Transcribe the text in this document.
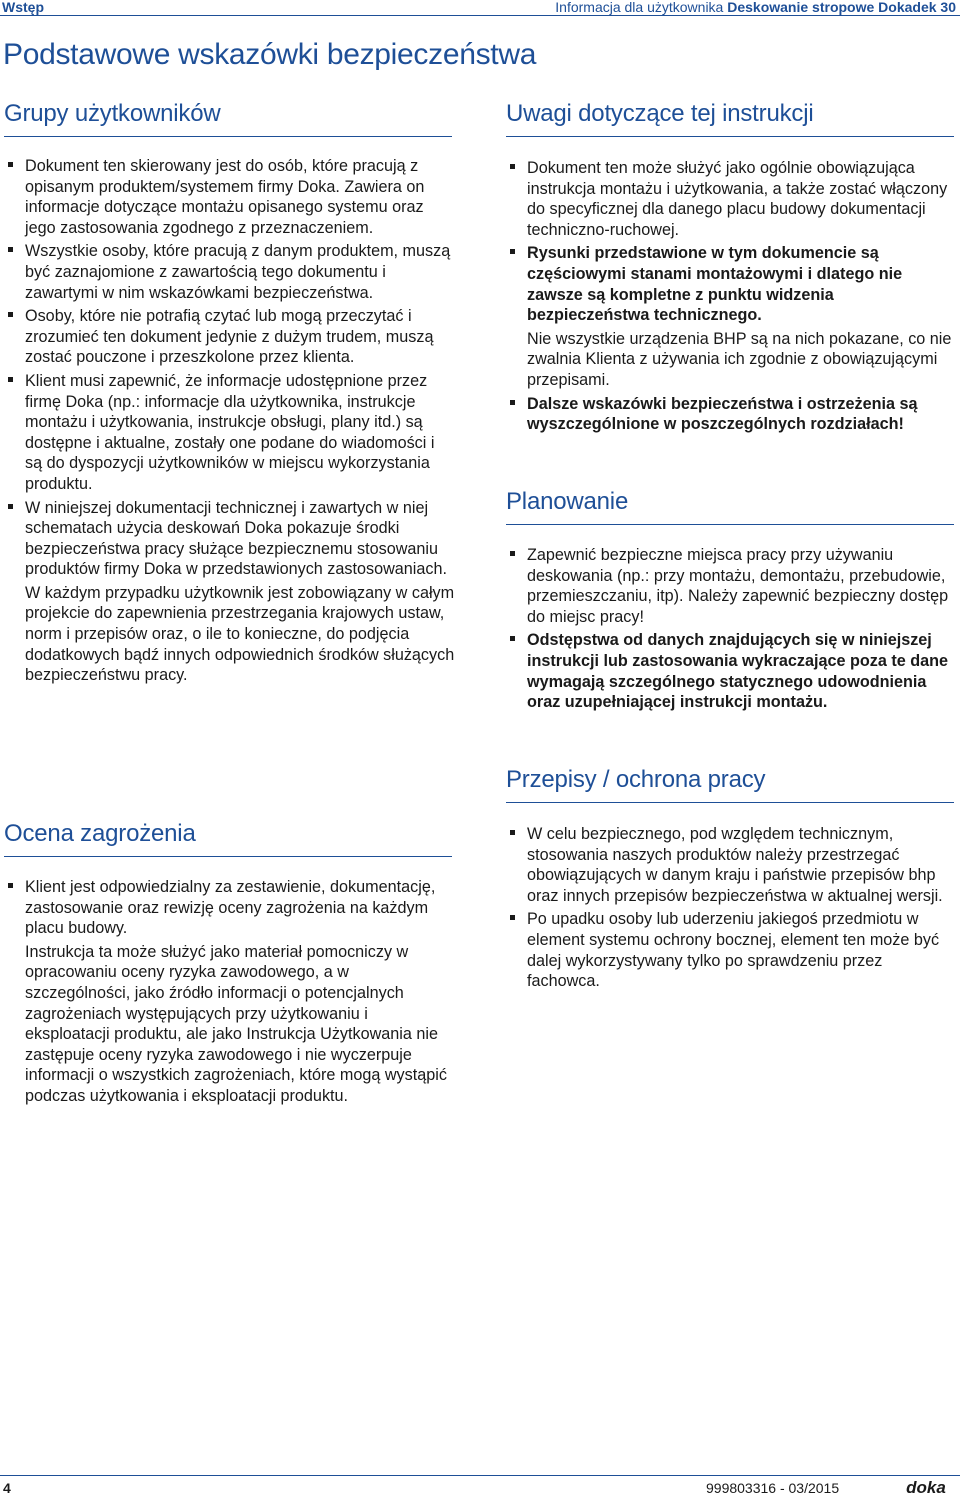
Wstęp	Informacja dla użytkownika Deskowanie stropowe Dokadek 30
Podstawowe wskazówki bezpieczeństwa
Grupy użytkowników

Dokument ten skierowany jest do osób, które pracują z opisanym produktem/systemem firmy Doka. Zawiera on informacje dotyczące montażu opisanego systemu oraz jego zastosowania zgodnego z przeznaczeniem.

Wszystkie osoby, które pracują z danym produktem, muszą być zaznajomione z zawartością tego dokumentu i zawartymi w nim wskazówkami bezpieczeństwa.

Osoby, które nie potrafią czytać lub mogą przeczytać i zrozumieć ten dokument jedynie z dużym trudem, muszą zostać pouczone i przeszkolone przez klienta.

Klient musi zapewnić, że informacje udostępnione przez firmę Doka (np.: informacje dla użytkownika, instrukcje montażu i użytkowania, instrukcje obsługi, plany itd.) są dostępne i aktualne, zostały one podane do wiadomości i są do dyspozycji użytkowników w miejscu wykorzystania produktu.

W niniejszej dokumentacji technicznej i zawartych w niej schematach użycia deskowań Doka pokazuje środki bezpieczeństwa pracy służące bezpiecznemu stosowaniu produktów firmy Doka w przedstawionych zastosowaniach.

W każdym przypadku użytkownik jest zobowiązany w całym projekcie do zapewnienia przestrzegania krajowych ustaw, norm i przepisów oraz, o ile to konieczne, do podjęcia dodatkowych bądź innych odpowiednich środków służących bezpieczeństwu pracy.

Ocena zagrożenia

Klient jest odpowiedzialny za zestawienie, dokumentację, zastosowanie oraz rewizję oceny zagrożenia na każdym placu budowy.

Instrukcja ta może służyć jako materiał pomocniczy w opracowaniu oceny ryzyka zawodowego, a w szczególności, jako źródło informacji o potencjalnych zagrożeniach występujących przy użytkowaniu i eksploatacji produktu, ale jako Instrukcja Użytkowania nie zastępuje oceny ryzyka zawodowego i nie wyczerpuje informacji o wszystkich zagrożeniach, które mogą wystąpić podczas użytkowania i eksploatacji produktu.

Uwagi dotyczące tej instrukcji

Dokument ten może służyć jako ogólnie obowiązująca instrukcja montażu i użytkowania, a także zostać włączony do specyficznej dla danego placu budowy dokumentacji techniczno-ruchowej.

Rysunki przedstawione w tym dokumencie są częściowymi stanami montażowymi i dlatego nie zawsze są kompletne z punktu widzenia bezpieczeństwa technicznego.

Nie wszystkie urządzenia BHP są na nich pokazane, co nie zwalnia Klienta z używania ich zgodnie z obowiązującymi przepisami.

Dalsze wskazówki bezpieczeństwa i ostrzeżenia są wyszczególnione w poszczególnych rozdziałach!

Planowanie

Zapewnić bezpieczne miejsca pracy przy używaniu deskowania (np.: przy montażu, demontażu, przebudowie, przemieszczaniu, itp). Należy zapewnić bezpieczny dostęp do miejsc pracy!

Odstępstwa od danych znajdujących się w niniejszej instrukcji lub zastosowania wykraczające poza te dane wymagają szczególnego statycznego udowodnienia oraz uzupełniającej instrukcji montażu.

Przepisy / ochrona pracy

W celu bezpiecznego, pod względem technicznym, stosowania naszych produktów należy przestrzegać obowiązujących w danym kraju i państwie przepisów bhp oraz innych przepisów bezpieczeństwa w aktualnej wersji.

Po upadku osoby lub uderzeniu jakiegoś przedmiotu w element systemu ochrony bocznej, element ten może być dalej wykorzystywany tylko po sprawdzeniu przez fachowca.

4	999803316 - 03/2015	doka
